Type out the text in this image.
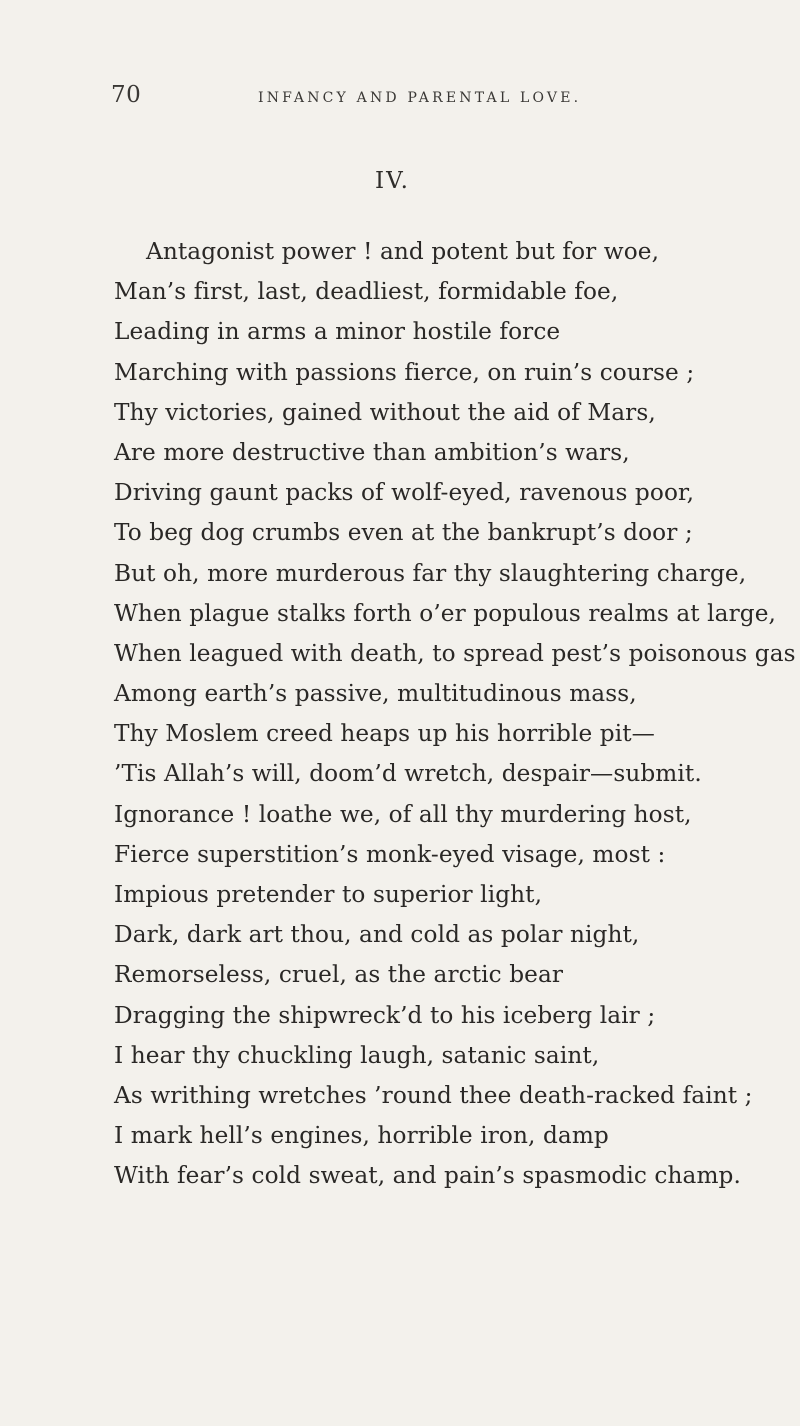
70	INFANCY AND PARENTAL LOVE.
IV.
Antagonist power ! and potent but for woe,
Man’s first, last, deadliest, formidable foe,
Leading in arms a minor hostile force
Marching with passions fierce, on ruin’s course ;
Thy victories, gained without the aid of Mars,
Are more destructive than ambition’s wars,
Driving gaunt packs of wolf-eyed, ravenous poor,
To beg dog crumbs even at the bankrupt’s door ;
But oh, more murderous far thy slaughtering charge,
When plague stalks forth o’er populous realms at large,
When leagued with death, to spread pest’s poisonous gas
Among earth’s passive, multitudinous mass,
Thy Moslem creed heaps up his horrible pit—
’Tis Allah’s will, doom’d wretch, despair—submit.
Ignorance ! loathe we, of all thy murdering host,
Fierce superstition’s monk-eyed visage, most :
Impious pretender to superior light,
Dark, dark art thou, and cold as polar night,
Remorseless, cruel, as the arctic bear
Dragging the shipwreck’d to his iceberg lair ;
I hear thy chuckling laugh, satanic saint,
As writhing wretches ’round thee death-racked faint ;
I mark hell’s engines, horrible iron, damp
With fear’s cold sweat, and pain’s spasmodic champ.
